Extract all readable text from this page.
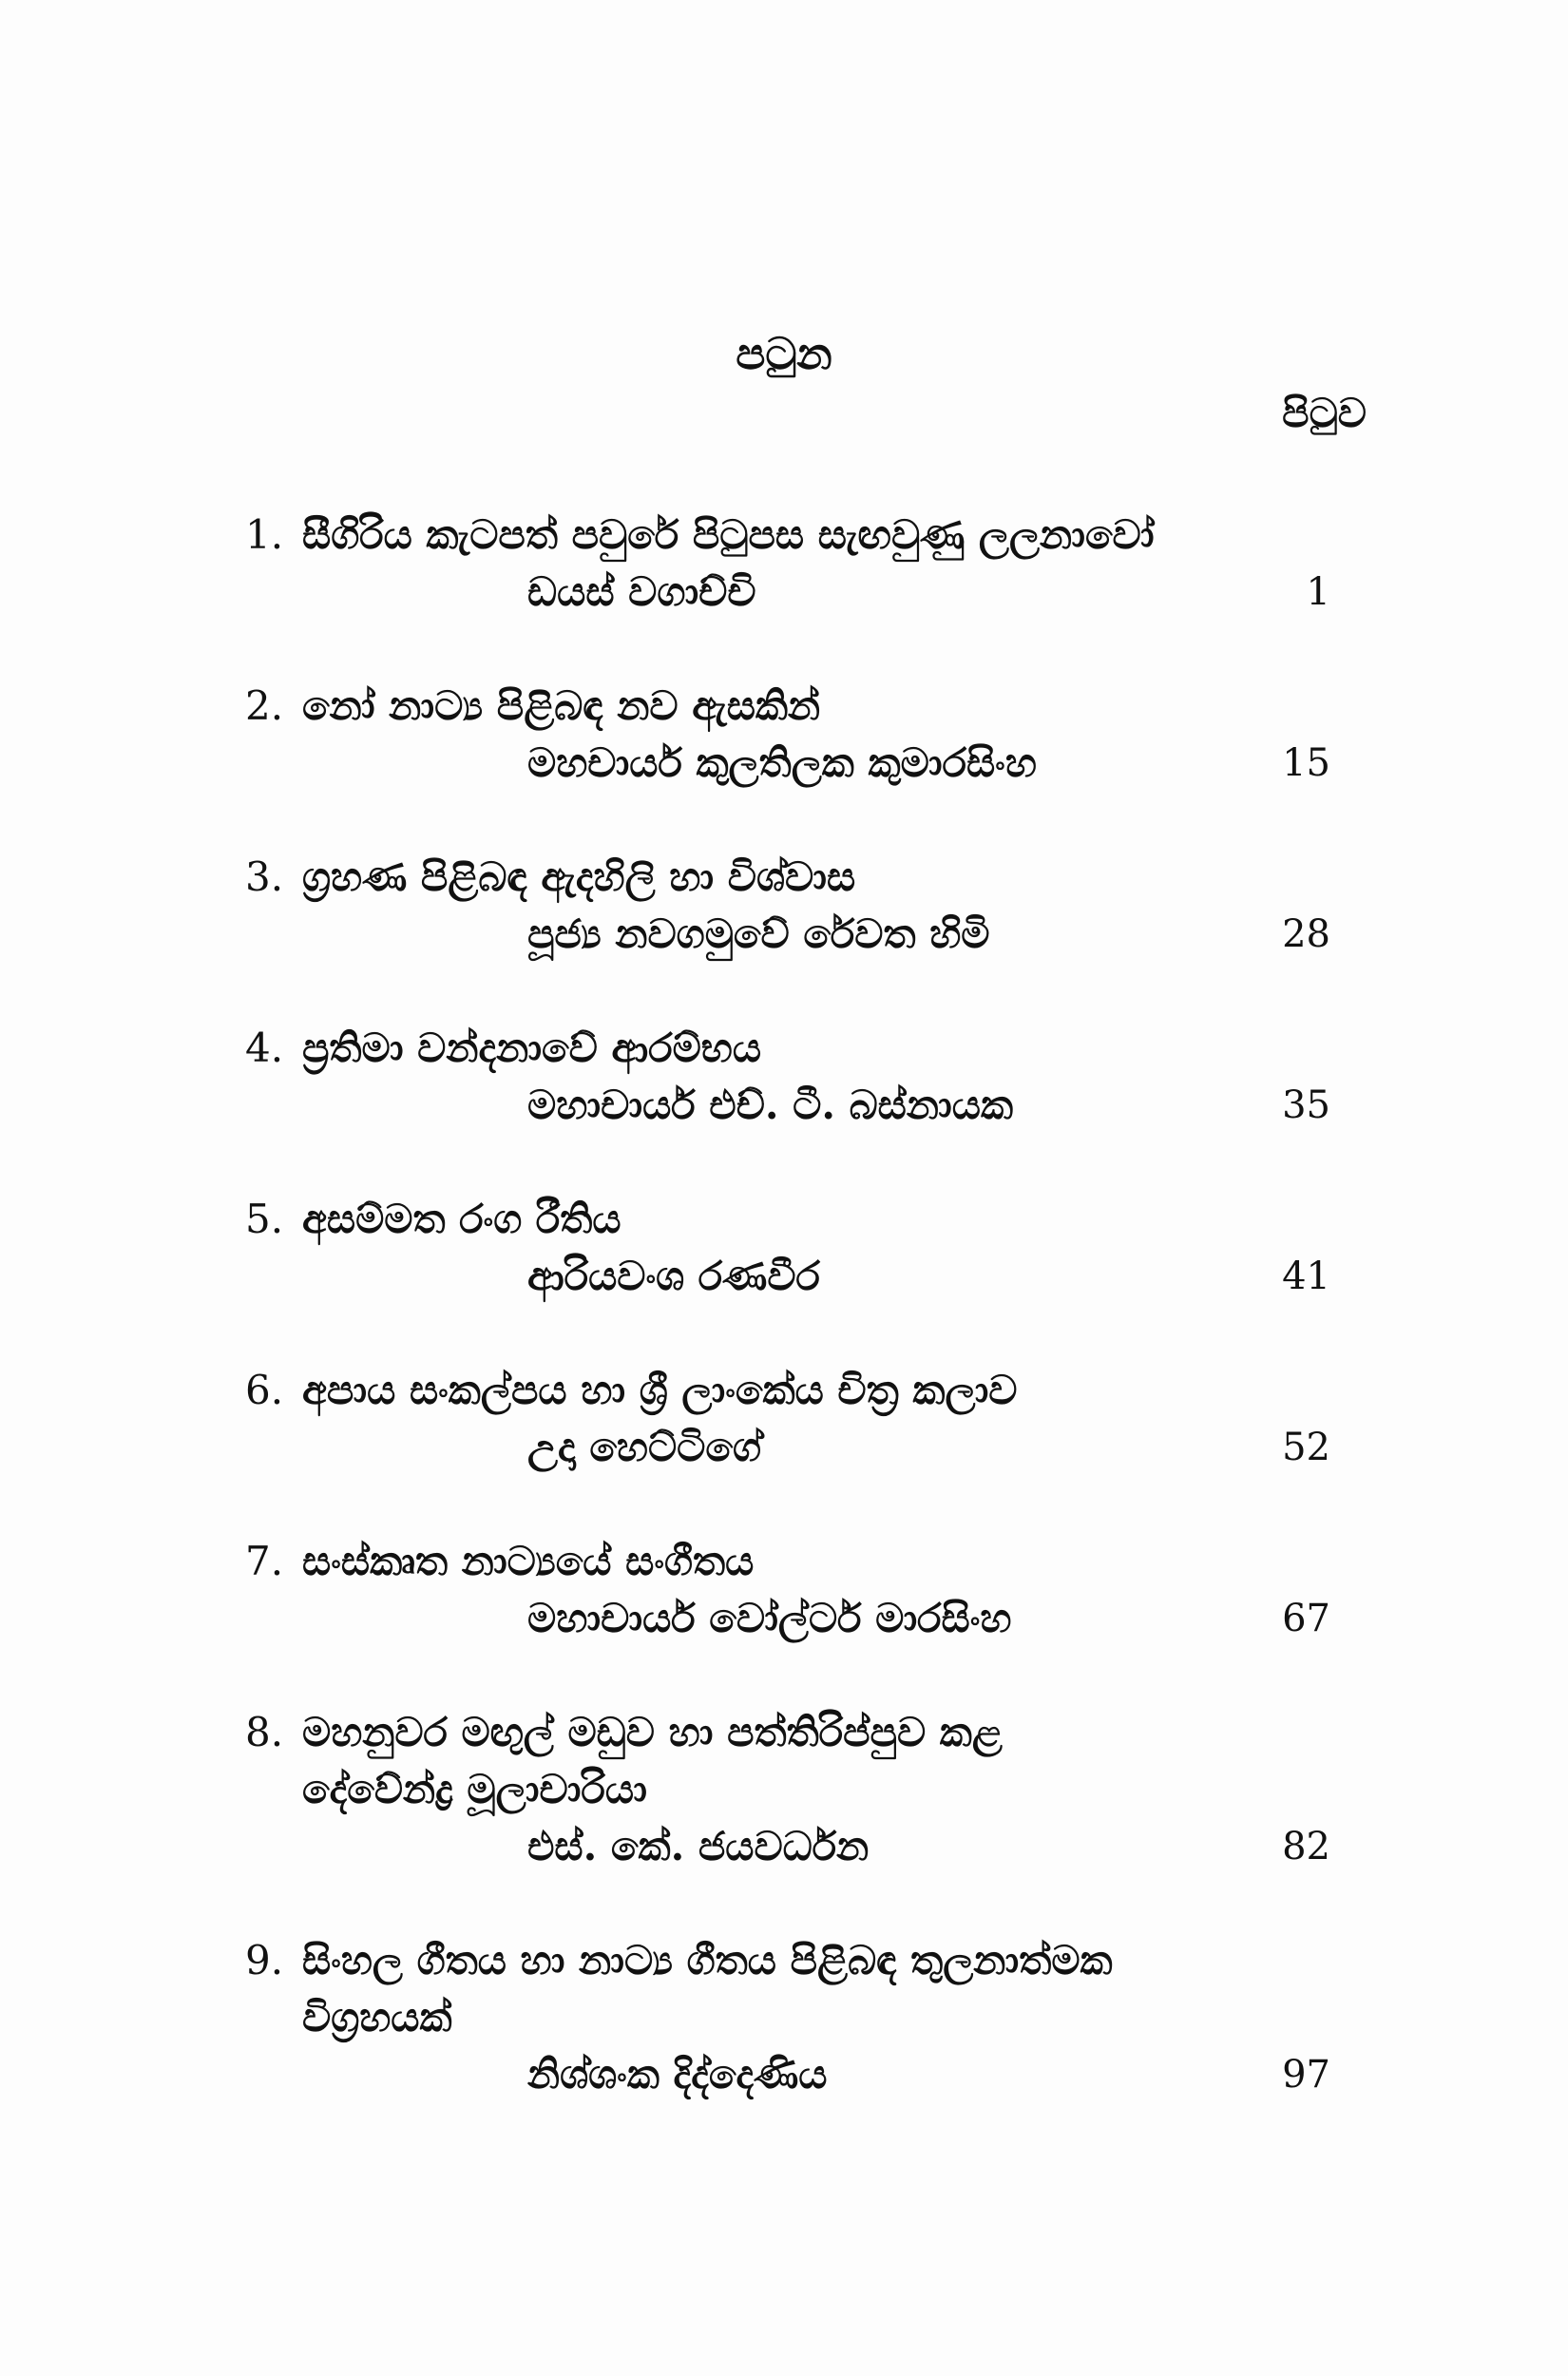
පටුන
පිටුව
1. සීගිරිය කැටපත් පවුරේ පිටුපස සැඟවුණු ලලනාවෝ
ඩයස් වගාච්චි	1
2. නෝ නාට්‍ය පිළිබඳ නව ඇසකින්
මහචාර්ය කුලතිලක කුමාරසිංහ	15
3. ග්‍රහණ පිළිබඳ ඇදහිලි හා විශ්වාස
පූජ්‍ය නවගමුවේ රේවත හිමි	28
4. ප්‍රතිමා වන්දනාවේ ආරම්භය
මහාචාර්ය එච්. ටී. බස්නායක	35
5. අසම්මත රංග රීතිය
ආරියවංශ රණවීර	41
6. අපාය සංකල්පය හා ශ්‍රී ලාංකේය චිත්‍ර කලාව
උදා හෙට්ටිගේ	52
7. සංස්කෘත නාට්‍යයේ සංගීතය
මහාචාර්ය වෝල්ටර් මාරසිංහ	67
8. මහනුවර මඟුල් මඩුව හා පත්තිරිප්පුව කළ
දේවේන්ද්‍ර මූලාචාරියා
එස්. කේ. ජයවර්ධන	82
9. සිංහල ගීතය හා නාට්‍ය ගීතය පිළිබඳ තුලනාත්මක
විග්‍රහයක්
නිශ්ශංක දිද්දෙණිය	97
